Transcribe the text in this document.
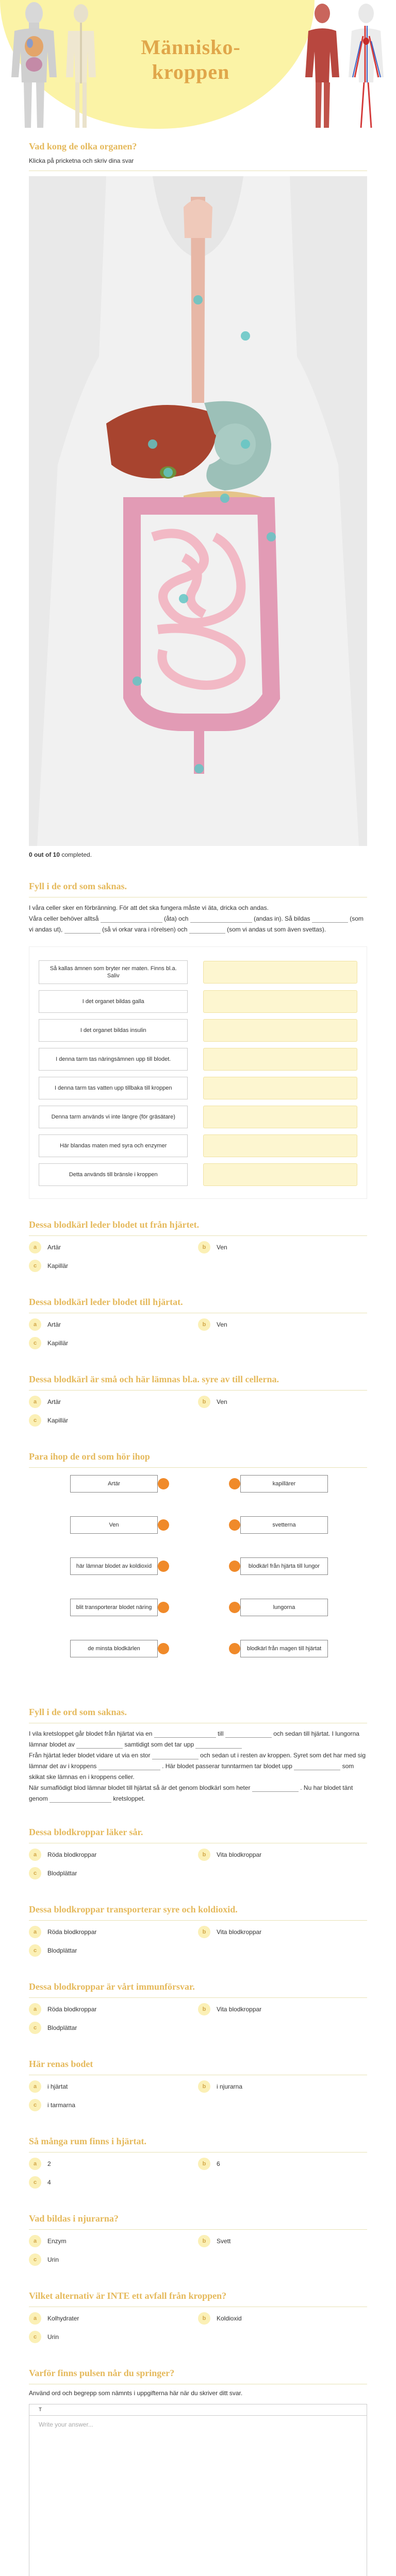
Människo-
kroppen
Vad kong de olka organen?
Klicka på pricketna och skriv dina svar
0 out of 10 completed.
Fyll i de ord som saknas.
I våra celler sker en förbränning. För att det ska fungera måste vi äta, dricka och andas.
Våra celler behöver alltså	(åta) och	(andas in). Så bildas	(som vi andas ut),	(så vi orkar vara i rörelsen) och	(som vi andas ut som även svettas).
Så kallas ämnen som bryter ner maten. Finns bl.a. Saliv
I det organet bildas galla
I det organet bildas insulin
I denna tarm tas näringsämnen upp till blodet.
I denna tarm tas vatten upp tillbaka till kroppen
Denna tarm används vi inte längre (för gräsätare)
Här blandas maten med syra och enzymer
Detta används till bränsle i kroppen
Dessa blodkärl leder blodet ut från hjärtet.
a	Artär	b	Ven
c	Kapillär
Dessa blodkärl leder blodet till hjärtat.
a	Artär	b	Ven
c	Kapillär
Dessa blodkärl är små och här lämnas bl.a. syre av till cellerna.
a	Artär	b	Ven
c	Kapillär
Para ihop de ord som hör ihop
Artär	kapillärer
Ven	svetterna
här lämnar blodet av koldioxid	blodkärl från hjärta till lungor
blit transporterar blodet näring	lungorna
de minsta blodkärlen	blodkärl från magen till hjärtat
Fyll i de ord som saknas.
I vila kretsloppet går blodet från hjärtat via en	till	och sedan till hjärtat. I lungorna lämnar blodet av	samtidigt som det tar upp
Från hjärtat leder blodet vidare ut via en stor	och sedan ut i resten av kroppen. Syret som det har med sig lämnar det av i kroppens	. Här blodet passerar tunntarmen tar blodet upp	som skikat ske lämnas en i kroppens celler.
När sumaflödigt blod lämnar blodet till hjärtat så är det genom blodkärl som heter	. Nu har blodet tänt genom	kretsloppet.
Dessa blodkroppar läker sår.
a	Röda blodkroppar	b	Vita blodkroppar
c	Blodplättar
Dessa blodkroppar transporterar syre och koldioxid.
a	Röda blodkroppar	b	Vita blodkroppar
c	Blodplättar
Dessa blodkroppar är vårt immunförsvar.
a	Röda blodkroppar	b	Vita blodkroppar
c	Blodplättar
Här renas bodet
a	i hjärtat	b	i njurarna
c	i tarmarna
Så många rum finns i hjärtat.
a	2	b	6
c	4
Vad bildas i njurarna?
a	Enzym	b	Svett
c	Urin
Vilket alternativ är INTE ett avfall från kroppen?
a	Kolhydrater	b	Koldioxid
c	Urin
Varför finns pulsen når du springer?
Använd ord och begrepp som nämnts i uppgifterna här när du skriver ditt svar.
T
Write your answer...
